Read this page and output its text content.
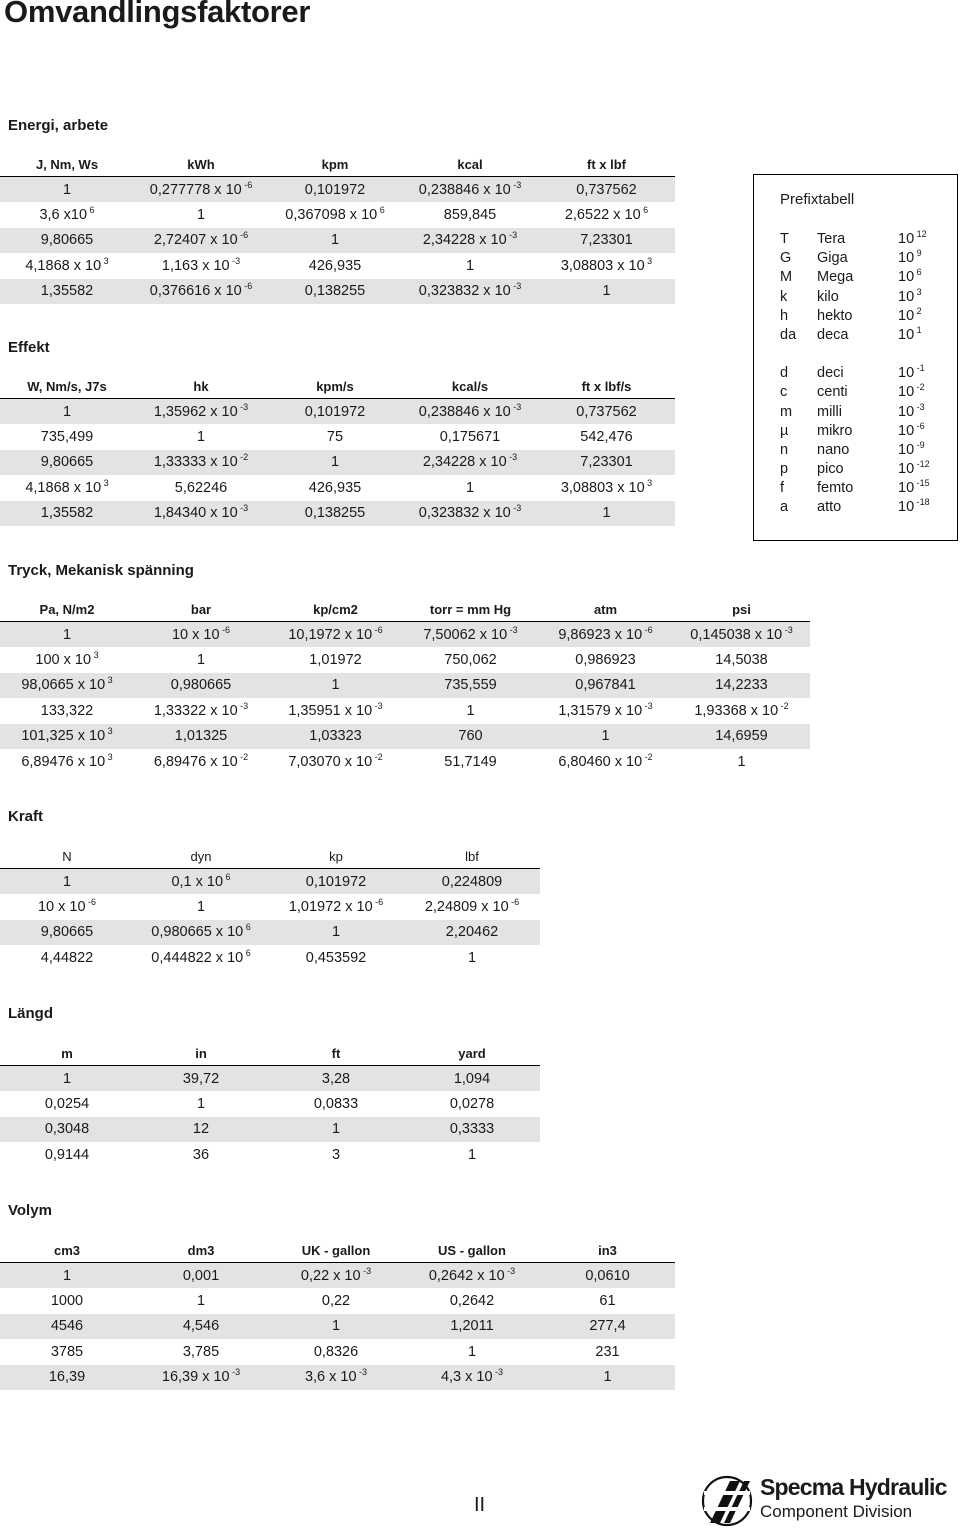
Omvandlingsfaktorer
Energi, arbete
J, Nm, Ws	kWh	kpm	kcal	ft x lbf
1	0,277778 x 10 $^{-6}$	0,101972	0,238846 x 10 $^{-3}$	0,737562
3,6 x10 $^6$	1	0,367098 x 10 $^6$	859,845	2,6522 x 10 $^6$
9,80665	2,72407 x 10 $^{-6}$	1	2,34228 x 10 $^{-3}$	7,23301
4,1868 x 10 $^3$	1,163 x 10 $^{-3}$	426,935	1	3,08803 x 10 $^3$
1,35582	0,376616 x 10 $^{-6}$	0,138255	0,323832 x 10 $^{-3}$	1
Effekt
W, Nm/s, J7s	hk	kpm/s	kcal/s	ft x lbf/s
1	1,35962 x 10 $^{-3}$	0,101972	0,238846 x 10 $^{-3}$	0,737562
735,499	1	75	0,175671	542,476
9,80665	1,33333 x 10 $^{-2}$	1	2,34228 x 10 $^{-3}$	7,23301
4,1868 x 10 $^3$	5,62246	426,935	1	3,08803 x 10 $^3$
1,35582	1,84340 x 10 $^{-3}$	0,138255	0,323832 x 10 $^{-3}$	1
Tryck, Mekanisk spänning
Pa, N/m2	bar	kp/cm2	torr = mm Hg	atm	psi
1	10 x 10 $^{-6}$	10,1972 x 10 $^{-6}$	7,50062 x 10 $^{-3}$	9,86923 x 10 $^{-6}$	0,145038 x 10 $^{-3}$
100 x 10 $^3$	1	1,01972	750,062	0,986923	14,5038
98,0665 x 10 $^3$	0,980665	1	735,559	0,967841	14,2233
133,322	1,33322 x 10 $^{-3}$	1,35951 x 10 $^{-3}$	1	1,31579 x 10 $^{-3}$	1,93368 x 10 $^{-2}$
101,325 x 10 $^3$	1,01325	1,03323	760	1	14,6959
6,89476 x 10 $^3$	6,89476 x 10 $^{-2}$	7,03070 x 10 $^{-2}$	51,7149	6,80460 x 10 $^{-2}$	1
Kraft
N	dyn	kp	lbf
1	0,1 x 10 $^6$	0,101972	0,224809
10 x 10 $^{-6}$	1	1,01972 x 10 $^{-6}$	2,24809 x 10 $^{-6}$
9,80665	0,980665 x 10 $^6$	1	2,20462
4,44822	0,444822 x 10 $^6$	0,453592	1
Längd
m	in	ft	yard
1	39,72	3,28	1,094
0,0254	1	0,0833	0,0278
0,3048	12	1	0,3333
0,9144	36	3	1
Volym
cm3	dm3	UK - gallon	US - gallon	in3
1	0,001	0,22 x 10 $^{-3}$	0,2642 x 10 $^{-3}$	0,0610
1000	1	0,22	0,2642	61
4546	4,546	1	1,2011	277,4
3785	3,785	0,8326	1	231
16,39	16,39 x 10 $^{-3}$	3,6 x 10 $^{-3}$	4,3 x 10 $^{-3}$	1
Prefixtabell
T Tera	10 $^{12}$
G Giga	10 $^9$
M Mega	10 $^6$
k kilo	10 $^3$
h hekto	10 $^2$
da deca	10 $^1$
d deci	10 $^{-1}$
c centi	10 $^{-2}$
m milli	10 $^{-3}$
µ mikro	10 $^{-6}$
n nano	10 $^{-9}$
p pico	10 $^{-12}$
f femto	10 $^{-15}$
a atto	10 $^{-18}$

II

Specma Hydraulic
Component Division
